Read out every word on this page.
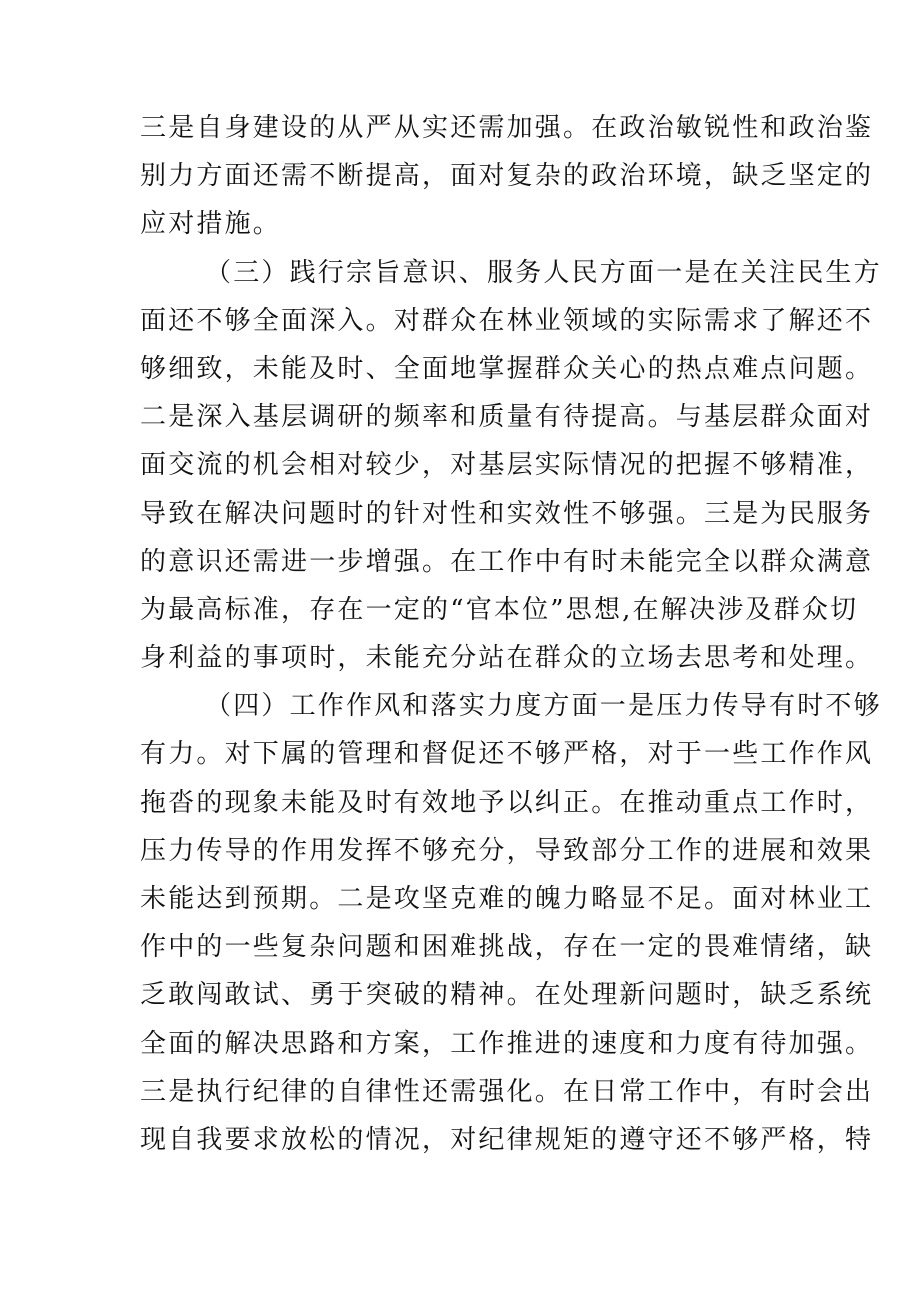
三是自身建设的从严从实还需加强。在政治敏锐性和政治鉴
别力方面还需不断提高，面对复杂的政治环境，缺乏坚定的
应对措施。
（三）践行宗旨意识、服务人民方面一是在关注民生方
面还不够全面深入。对群众在林业领域的实际需求了解还不
够细致，未能及时、全面地掌握群众关心的热点难点问题。
二是深入基层调研的频率和质量有待提高。与基层群众面对
面交流的机会相对较少，对基层实际情况的把握不够精准，
导致在解决问题时的针对性和实效性不够强。三是为民服务
的意识还需进一步增强。在工作中有时未能完全以群众满意
为最高标准，存在一定的“官本位”思想,在解决涉及群众切
身利益的事项时，未能充分站在群众的立场去思考和处理。
（四）工作作风和落实力度方面一是压力传导有时不够
有力。对下属的管理和督促还不够严格，对于一些工作作风
拖沓的现象未能及时有效地予以纠正。在推动重点工作时，
压力传导的作用发挥不够充分，导致部分工作的进展和效果
未能达到预期。二是攻坚克难的魄力略显不足。面对林业工
作中的一些复杂问题和困难挑战，存在一定的畏难情绪，缺
乏敢闯敢试、勇于突破的精神。在处理新问题时，缺乏系统
全面的解决思路和方案，工作推进的速度和力度有待加强。
三是执行纪律的自律性还需强化。在日常工作中，有时会出
现自我要求放松的情况，对纪律规矩的遵守还不够严格，特
